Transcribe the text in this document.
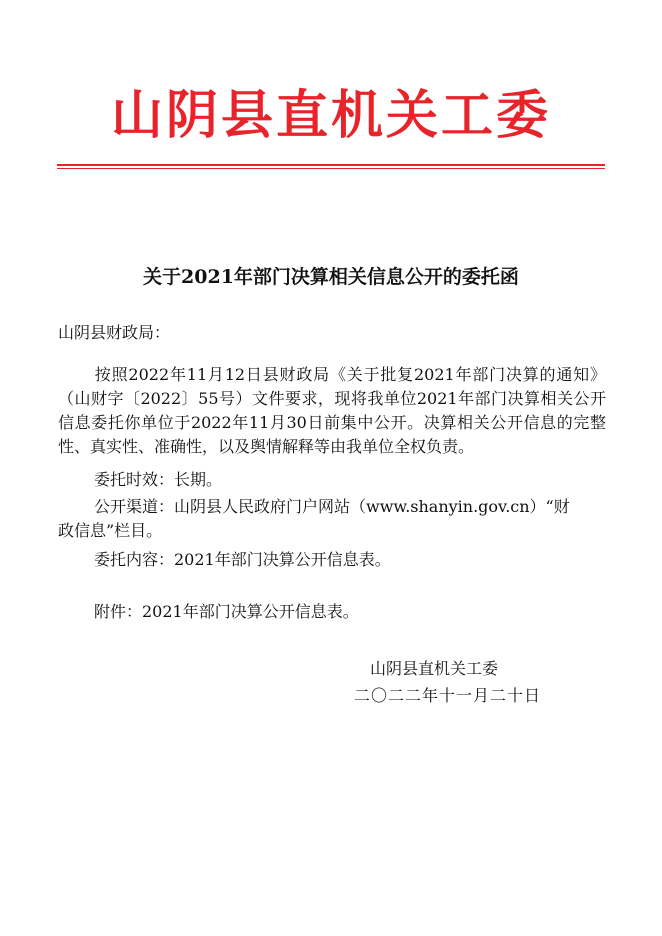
山阴县直机关工委
关于2021年部门决算相关信息公开的委托函
山阴县财政局：
按照2022年11月12日县财政局《关于批复2021年部门决算的通知》（山财字〔2022〕55号）文件要求，现将我单位2021年部门决算相关公开信息委托你单位于2022年11月30日前集中公开。决算相关公开信息的完整性、真实性、准确性，以及舆情解释等由我单位全权负责。
委托时效：长期。
公开渠道：山阴县人民政府门户网站（www.shanyin.gov.cn）“财
政信息”栏目。
委托内容：2021年部门决算公开信息表。
附件：2021年部门决算公开信息表。
山阴县直机关工委
二〇二二年十一月二十日
